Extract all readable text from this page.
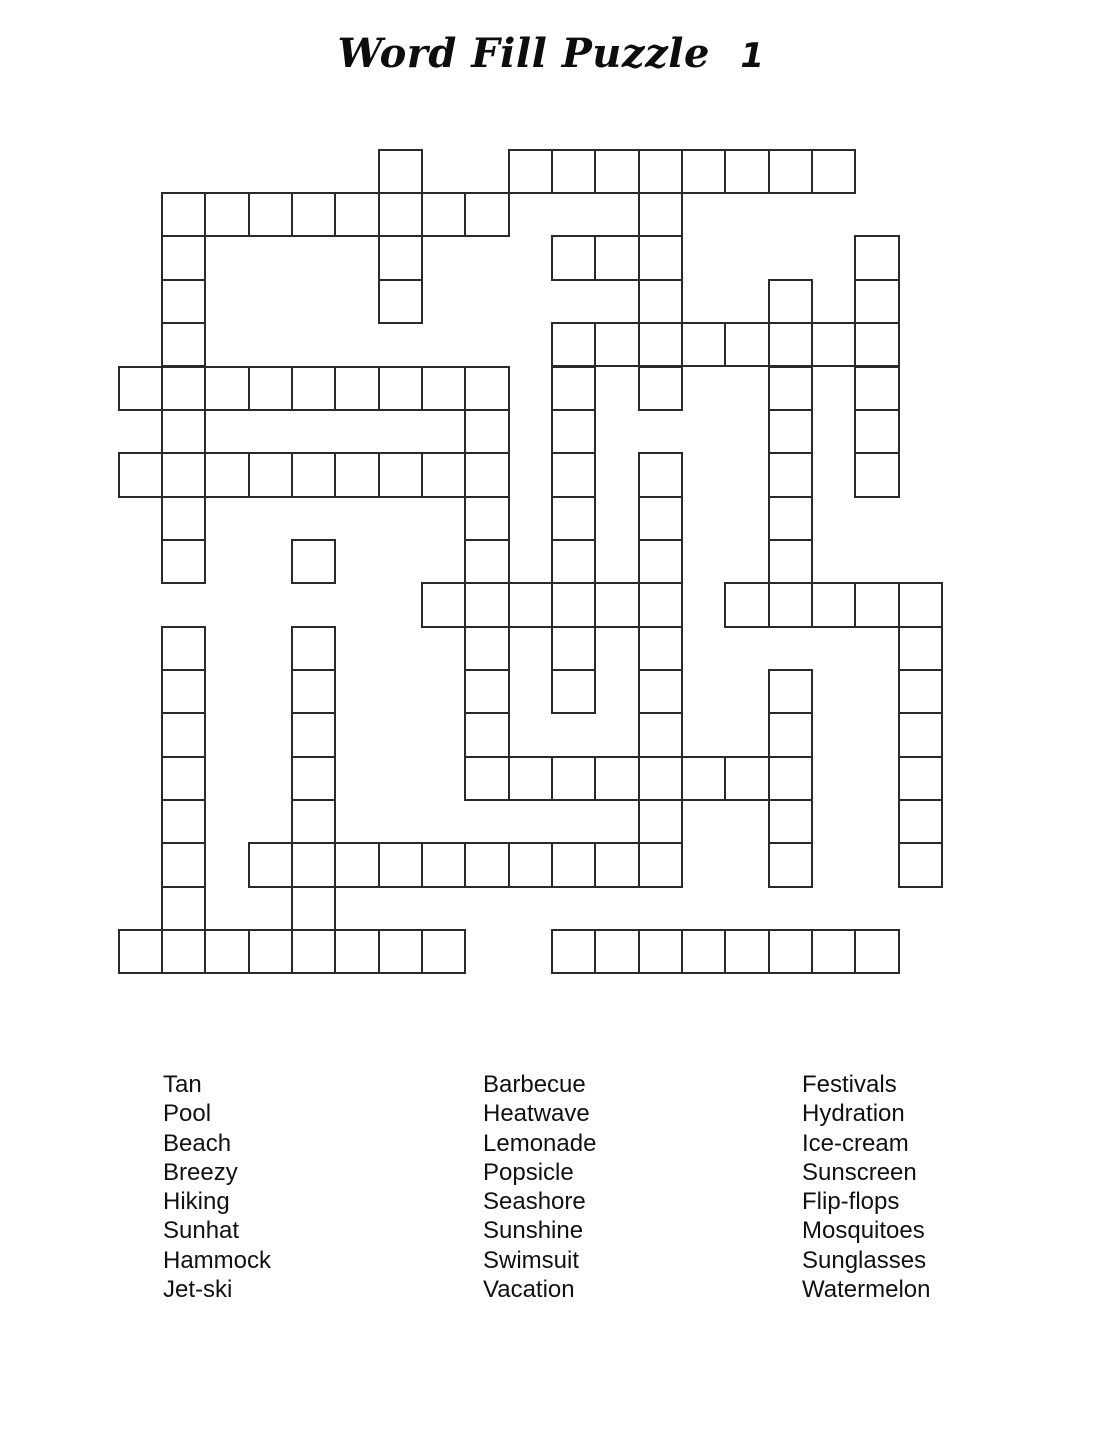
Word Fill Puzzle 1
Tan
Pool
Beach
Breezy
Hiking
Sunhat
Hammock
Jet-ski
Barbecue
Heatwave
Lemonade
Popsicle
Seashore
Sunshine
Swimsuit
Vacation
Festivals
Hydration
Ice-cream
Sunscreen
Flip-flops
Mosquitoes
Sunglasses
Watermelon
